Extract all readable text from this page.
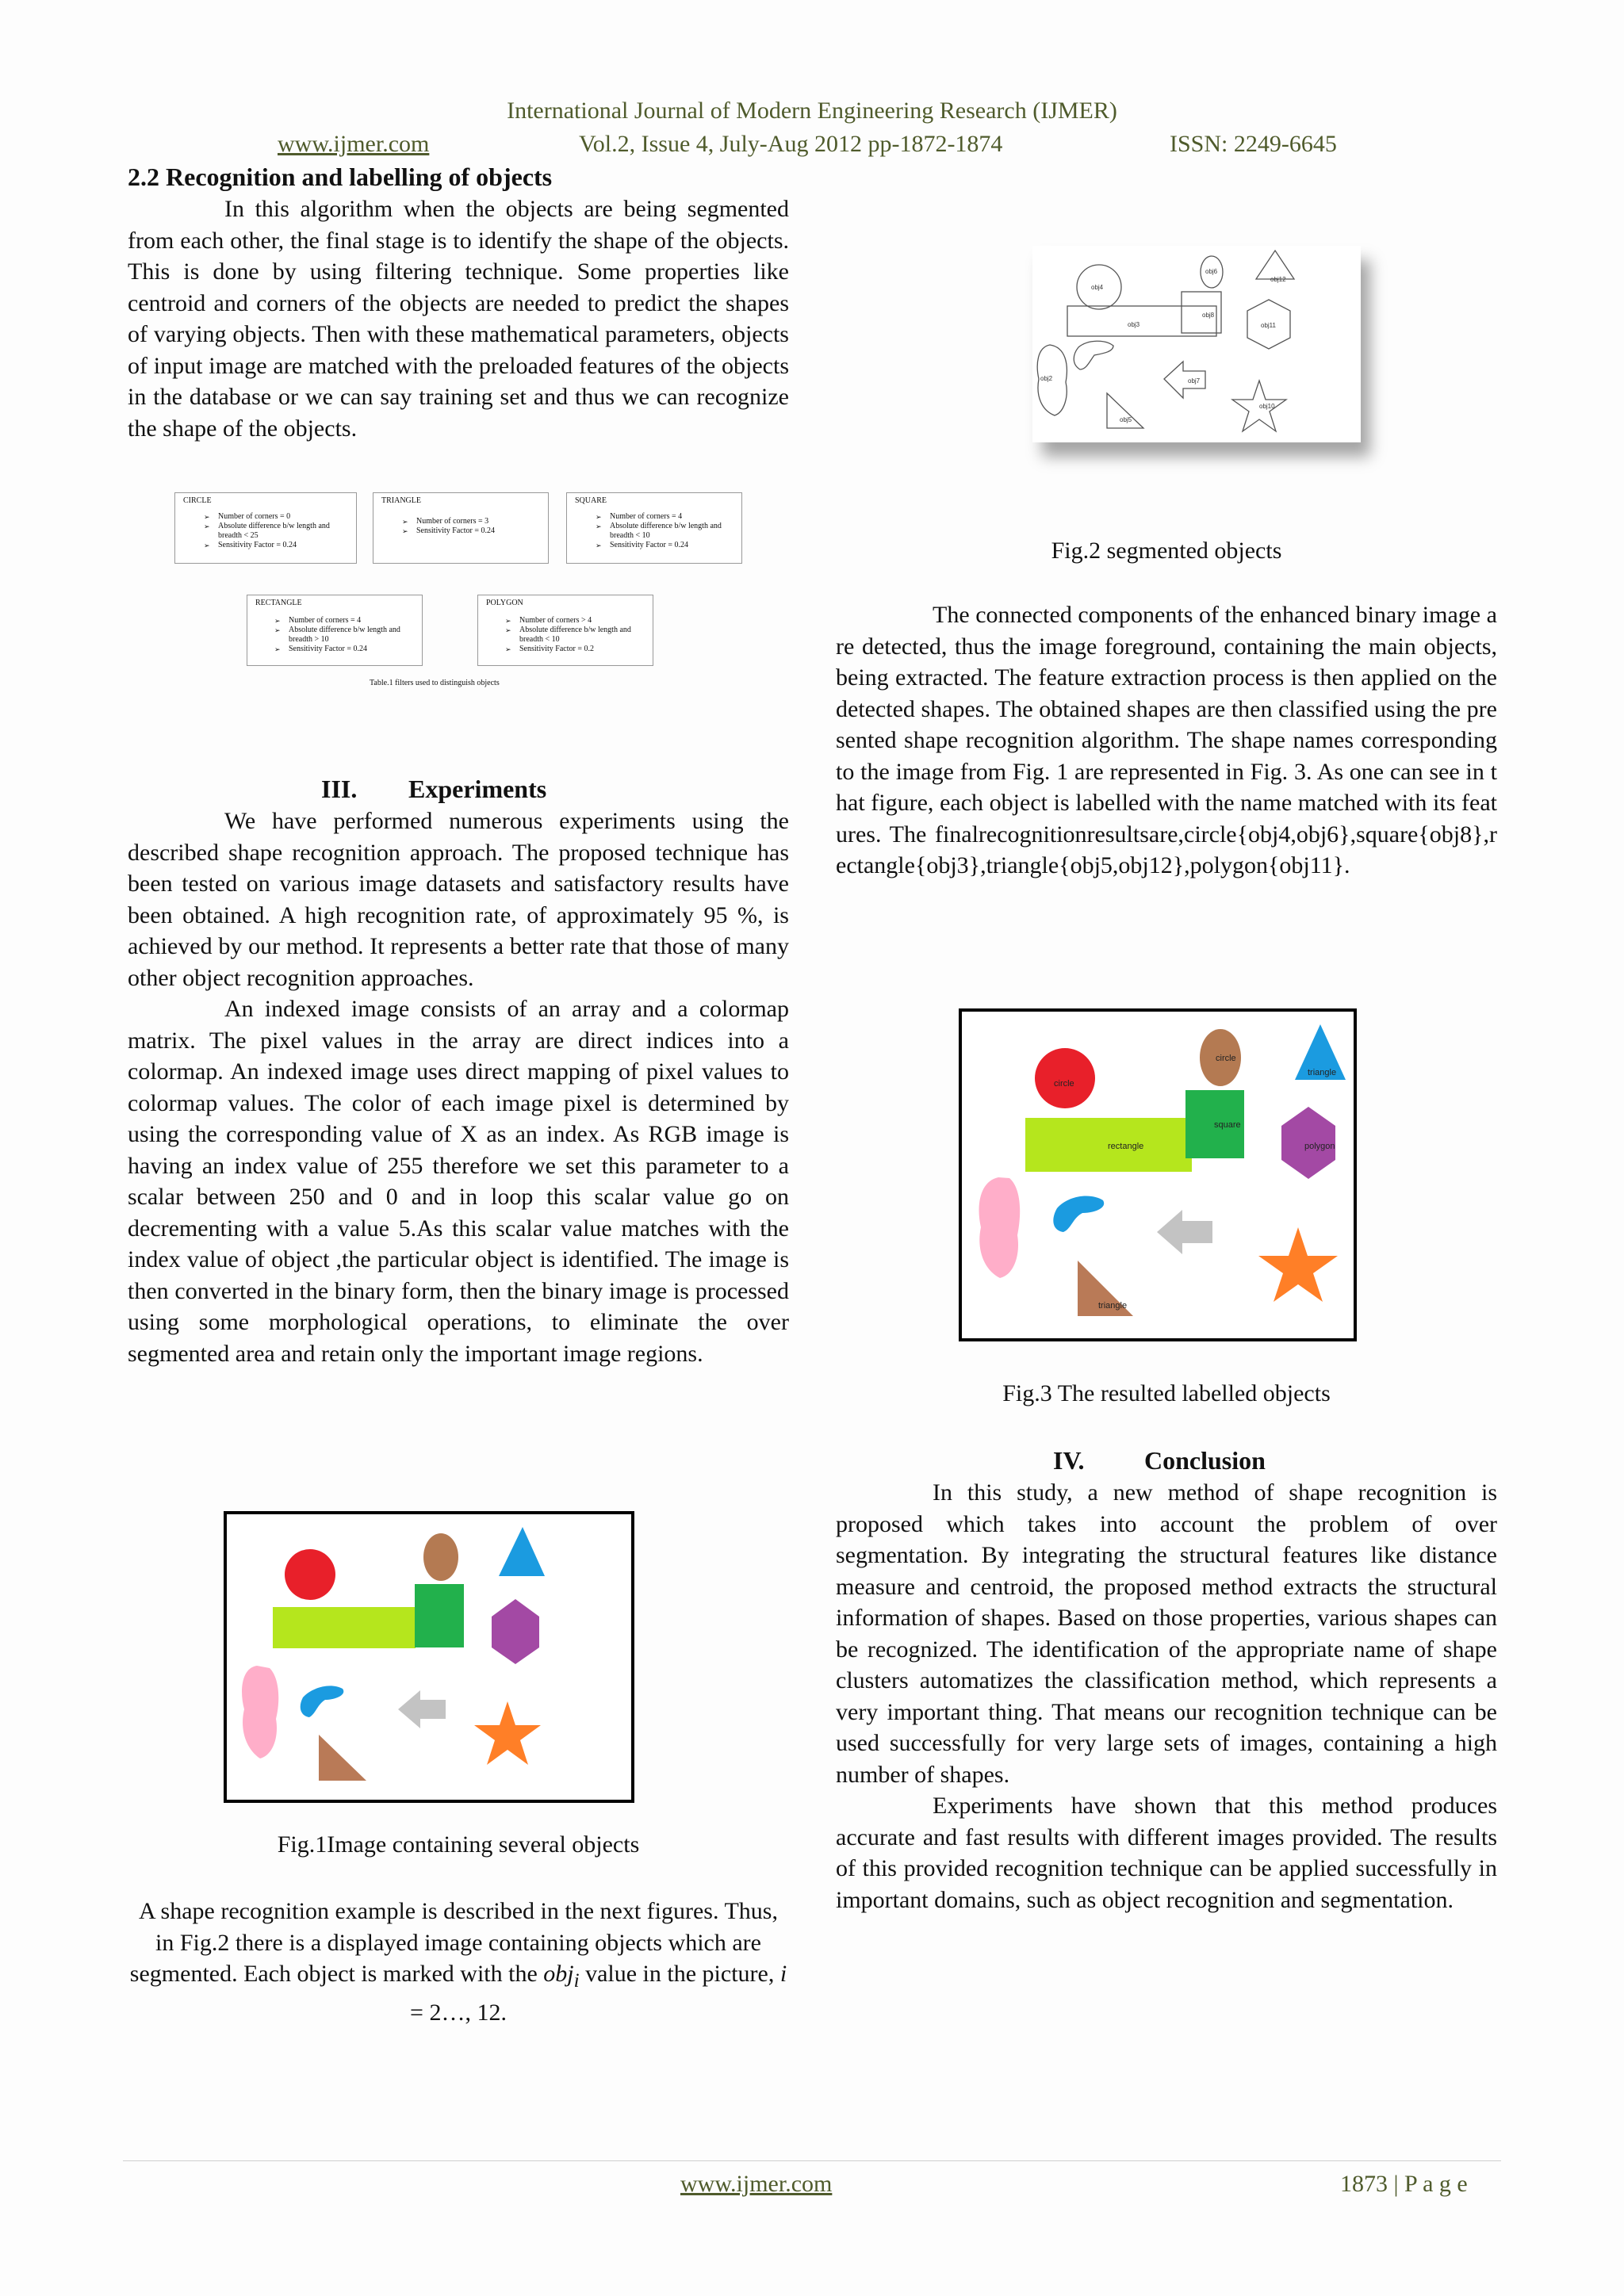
International Journal of Modern Engineering Research (IJMER)
www.ijmer.com	Vol.2, Issue 4, July-Aug 2012 pp-1872-1874	ISSN: 2249-6645
2.2 Recognition and labelling of objects

In this algorithm when the objects are being segmented from each other, the final stage is to identify the shape of the objects. This is done by using filtering technique. Some properties like centroid and corners of the objects are needed to predict the shapes of varying objects. Then with these mathematical parameters, objects of input image are matched with the preloaded features of the objects in the database or we can say training set and thus we can recognize the shape of the objects.

CIRCLE
➢ Number of corners = 0
➢ Absolute difference b/w length and breadth < 25
➢ Sensitivity Factor = 0.24
TRIANGLE
➢ Number of corners = 3
➢ Sensitivity Factor = 0.24
SQUARE
➢ Number of corners = 4
➢ Absolute difference b/w length and breadth < 10
➢ Sensitivity Factor = 0.24
RECTANGLE
➢ Number of corners = 4
➢ Absolute difference b/w length and breadth > 10
➢ Sensitivity Factor = 0.24
POLYGON
➢ Number of corners > 4
➢ Absolute difference b/w length and breadth < 10
➢ Sensitivity Factor = 0.2
Table.1 filters used to distinguish objects
III. Experiments

We have performed numerous experiments using the described shape recognition approach. The proposed technique has been tested on various image datasets and satisfactory results have been obtained. A high recognition rate, of approximately 95 %, is achieved by our method. It represents a better rate that those of many other object recognition approaches.

An indexed image consists of an array and a colormap matrix. The pixel values in the array are direct indices into a colormap. An indexed image uses direct mapping of pixel values to colormap values. The color of each image pixel is determined by using the corresponding value of X as an index. As RGB image is having an index value of 255 therefore we set this parameter to a scalar between 250 and 0 and in loop this scalar value go on decrementing with a value 5.As this scalar value matches with the index value of object ,the particular object is identified. The image is then converted in the binary form, then the binary image is processed using some morphological operations, to eliminate the over segmented area and retain only the important image regions.

Fig.1Image containing several objects

A shape recognition example is described in the next figures. Thus, in Fig.2 there is a displayed image containing objects which are segmented. Each object is marked with the obj$_i$ value in the picture, i = 2…, 12.

obj4
obj6
obj12
obj3
obj8
obj11
obj2	obj7
obj5
obj10
Fig.2 segmented objects

The connected components of the enhanced binary image are detected, thus the image foreground, containing the main objects, being extracted. The feature extraction process is then applied on the detected shapes. The obtained shapes are then classified using the presented shape recognition algorithm. The shape names corresponding to the image from Fig. 1 are represented in Fig. 3. As one can see in that figure, each object is labelled with the name matched with its features. The finalrecognitionresultsare,circle{obj4,obj6},square{obj8},rectangle{obj3},triangle{obj5,obj12},polygon{obj11}.

circle
circle
triangle
rectangle
square
polygon
triangle
Fig.3 The resulted labelled objects
IV. Conclusion

In this study, a new method of shape recognition is proposed which takes into account the problem of over segmentation. By integrating the structural features like distance measure and centroid, the proposed method extracts the structural information of shapes. Based on those properties, various shapes can be recognized. The identification of the appropriate name of shape clusters automatizes the classification method, which represents a very important thing. That means our recognition technique can be used successfully for very large sets of images, containing a high number of shapes.

Experiments have shown that this method produces accurate and fast results with different images provided. The results of this provided recognition technique can be applied successfully in important domains, such as object recognition and segmentation.

www.ijmer.com	1873 | P a g e
